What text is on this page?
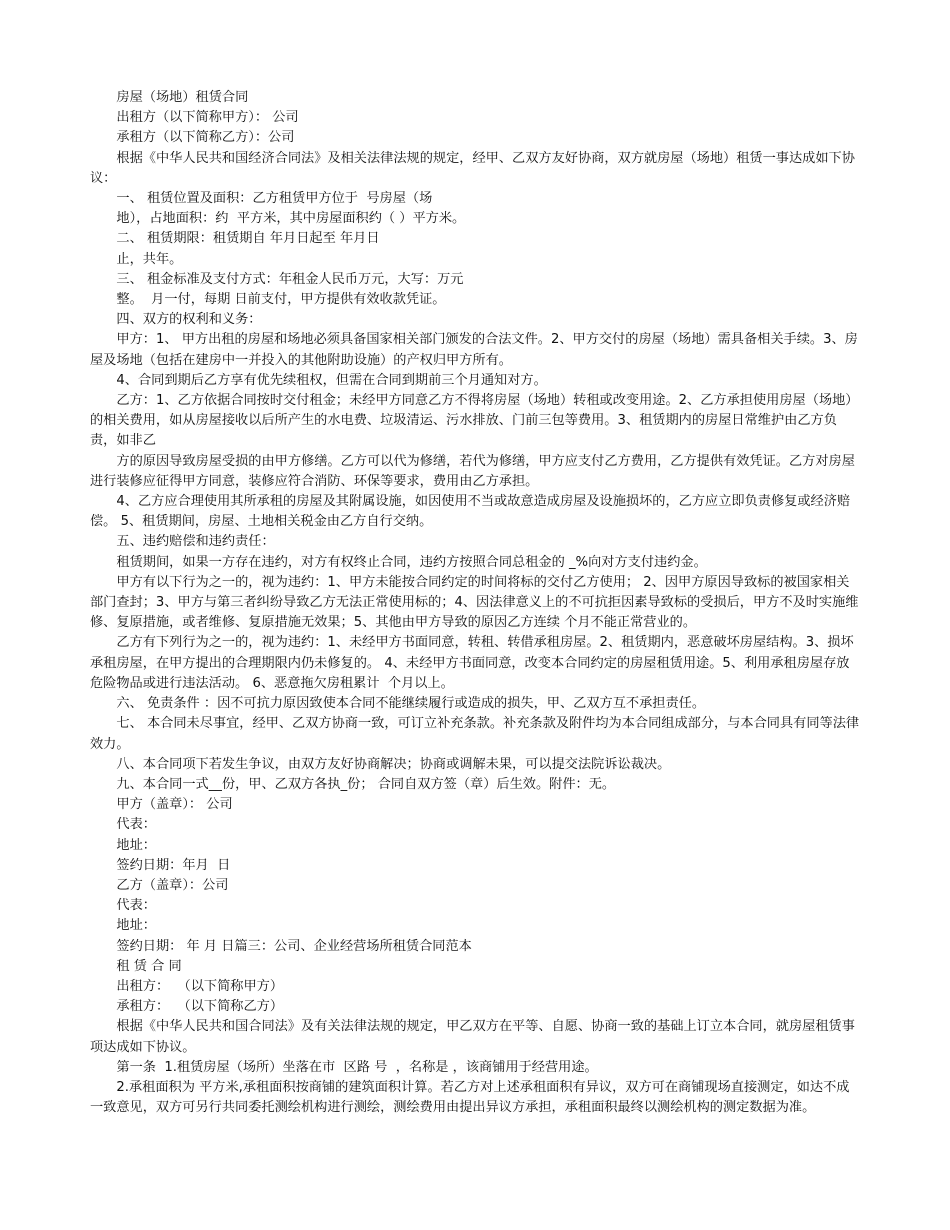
房屋（场地）租赁合同

出租方（以下简称甲方）： 公司

承租方（以下简称乙方）：公司

根据《中华人民共和国经济合同法》及相关法律法规的规定，经甲、乙双方友好协商，双方就房屋（场地）租赁一事达成如下协议：

一、 租赁位置及面积：乙方租赁甲方位于  号房屋（场

地），占地面积：约  平方米，其中房屋面积约（ ）平方米。

二、 租赁期限：租赁期自 年月日起至 年月日

止，共年。

三、 租金标准及支付方式：年租金人民币万元，大写：万元

整。  月一付，每期 日前支付，甲方提供有效收款凭证。

四、双方的权利和义务：

甲方：1、 甲方出租的房屋和场地必须具备国家相关部门颁发的合法文件。2、甲方交付的房屋（场地）需具备相关手续。3、房屋及场地（包括在建房中一并投入的其他附助设施）的产权归甲方所有。

4、合同到期后乙方享有优先续租权，但需在合同到期前三个月通知对方。

乙方：1、乙方依据合同按时交付租金；未经甲方同意乙方不得将房屋（场地）转租或改变用途。2、乙方承担使用房屋（场地）的相关费用，如从房屋接收以后所产生的水电费、垃圾清运、污水排放、门前三包等费用。3、租赁期内的房屋日常维护由乙方负责，如非乙

方的原因导致房屋受损的由甲方修缮。乙方可以代为修缮，若代为修缮，甲方应支付乙方费用，乙方提供有效凭证。乙方对房屋进行装修应征得甲方同意，装修应符合消防、环保等要求，费用由乙方承担。

4、乙方应合理使用其所承租的房屋及其附属设施，如因使用不当或故意造成房屋及设施损坏的，乙方应立即负责修复或经济赔偿。 5、租赁期间，房屋、土地相关税金由乙方自行交纳。

五、违约赔偿和违约责任：

租赁期间，如果一方存在违约，对方有权终止合同，违约方按照合同总租金的 _%向对方支付违约金。

甲方有以下行为之一的，视为违约：1、甲方未能按合同约定的时间将标的交付乙方使用； 2、因甲方原因导致标的被国家相关部门查封；3、甲方与第三者纠纷导致乙方无法正常使用标的；4、因法律意义上的不可抗拒因素导致标的受损后，甲方不及时实施维修、复原措施，或者维修、复原措施无效果；5、其他由甲方导致的原因乙方连续 个月不能正常营业的。

乙方有下列行为之一的，视为违约：1、未经甲方书面同意，转租、转借承租房屋。2、租赁期内，恶意破坏房屋结构。3、损坏承租房屋，在甲方提出的合理期限内仍未修复的。 4、未经甲方书面同意，改变本合同约定的房屋租赁用途。5、利用承租房屋存放危险物品或进行违法活动。 6、恶意拖欠房租累计  个月以上。

六、 免责条件 ：因不可抗力原因致使本合同不能继续履行或造成的损失，甲、乙双方互不承担责任。

七、 本合同未尽事宜，经甲、乙双方协商一致，可订立补充条款。补充条款及附件均为本合同组成部分，与本合同具有同等法律效力。

八、本合同项下若发生争议，由双方友好协商解决；协商或调解未果，可以提交法院诉讼裁决。

九、本合同一式__份，甲、乙双方各执_份； 合同自双方签（章）后生效。附件：无。

甲方（盖章）： 公司

代表：

地址：

签约日期：年月  日

乙方（盖章）：公司

代表：

地址：

签约日期： 年 月 日篇三：公司、企业经营场所租赁合同范本

租 赁 合 同

出租方：  （以下简称甲方）

承租方：  （以下简称乙方）

根据《中华人民共和国合同法》及有关法律法规的规定，甲乙双方在平等、自愿、协商一致的基础上订立本合同，就房屋租赁事项达成如下协议。

第一条  1.租赁房屋（场所）坐落在市  区路 号  ，名称是 ，该商铺用于经营用途。

2.承租面积为 平方米,承租面积按商铺的建筑面积计算。若乙方对上述承租面积有异议，双方可在商铺现场直接测定，如达不成一致意见，双方可另行共同委托测绘机构进行测绘，测绘费用由提出异议方承担，承租面积最终以测绘机构的测定数据为准。
